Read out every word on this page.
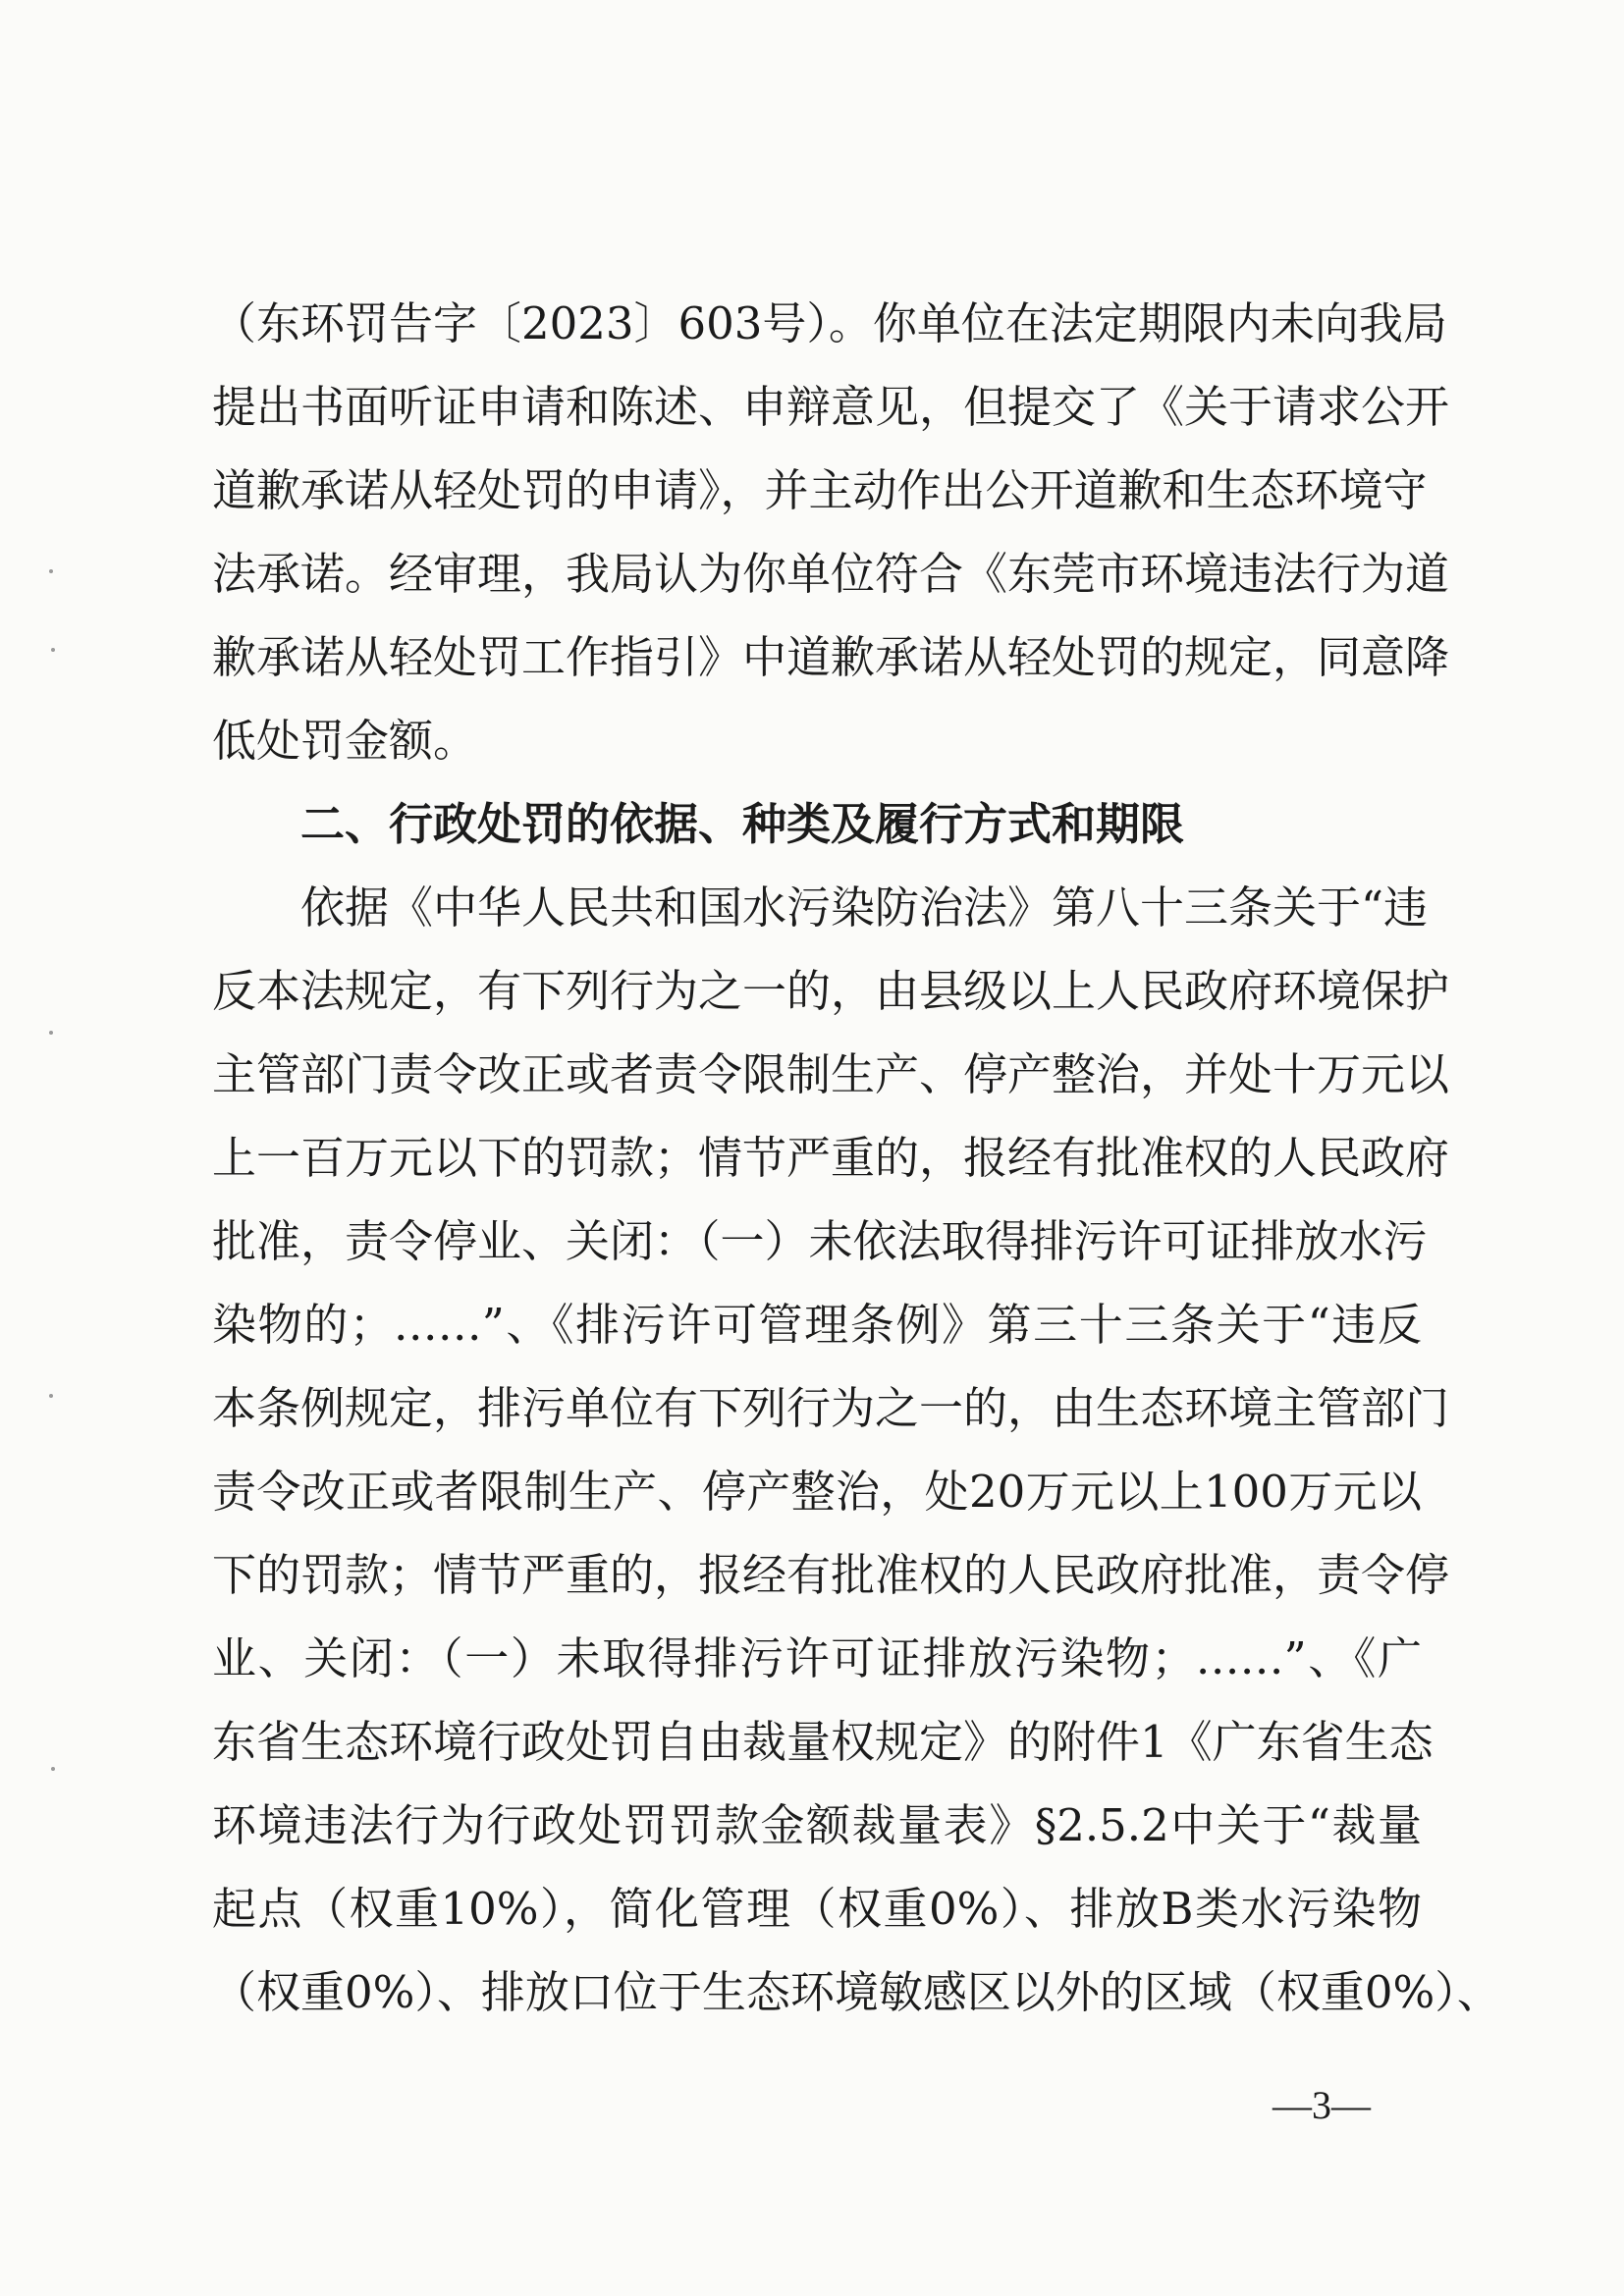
（东环罚告字〔2023〕603号）。你单位在法定期限内未向我局
提出书面听证申请和陈述、申辩意见，但提交了《关于请求公开
道歉承诺从轻处罚的申请》，并主动作出公开道歉和生态环境守
法承诺。经审理，我局认为你单位符合《东莞市环境违法行为道
歉承诺从轻处罚工作指引》中道歉承诺从轻处罚的规定，同意降
低处罚金额。
二、行政处罚的依据、种类及履行方式和期限
依据《中华人民共和国水污染防治法》第八十三条关于“违
反本法规定，有下列行为之一的，由县级以上人民政府环境保护
主管部门责令改正或者责令限制生产、停产整治，并处十万元以
上一百万元以下的罚款；情节严重的，报经有批准权的人民政府
批准，责令停业、关闭：（一）未依法取得排污许可证排放水污
染物的；……”、《排污许可管理条例》第三十三条关于“违反
本条例规定，排污单位有下列行为之一的，由生态环境主管部门
责令改正或者限制生产、停产整治，处20万元以上100万元以
下的罚款；情节严重的，报经有批准权的人民政府批准，责令停
业、关闭：（一）未取得排污许可证排放污染物；……”、《广
东省生态环境行政处罚自由裁量权规定》的附件1《广东省生态
环境违法行为行政处罚罚款金额裁量表》§2.5.2中关于“裁量
起点（权重10%），简化管理（权重0%）、排放B类水污染物
（权重0%）、排放口位于生态环境敏感区以外的区域（权重0%）、
—3—
